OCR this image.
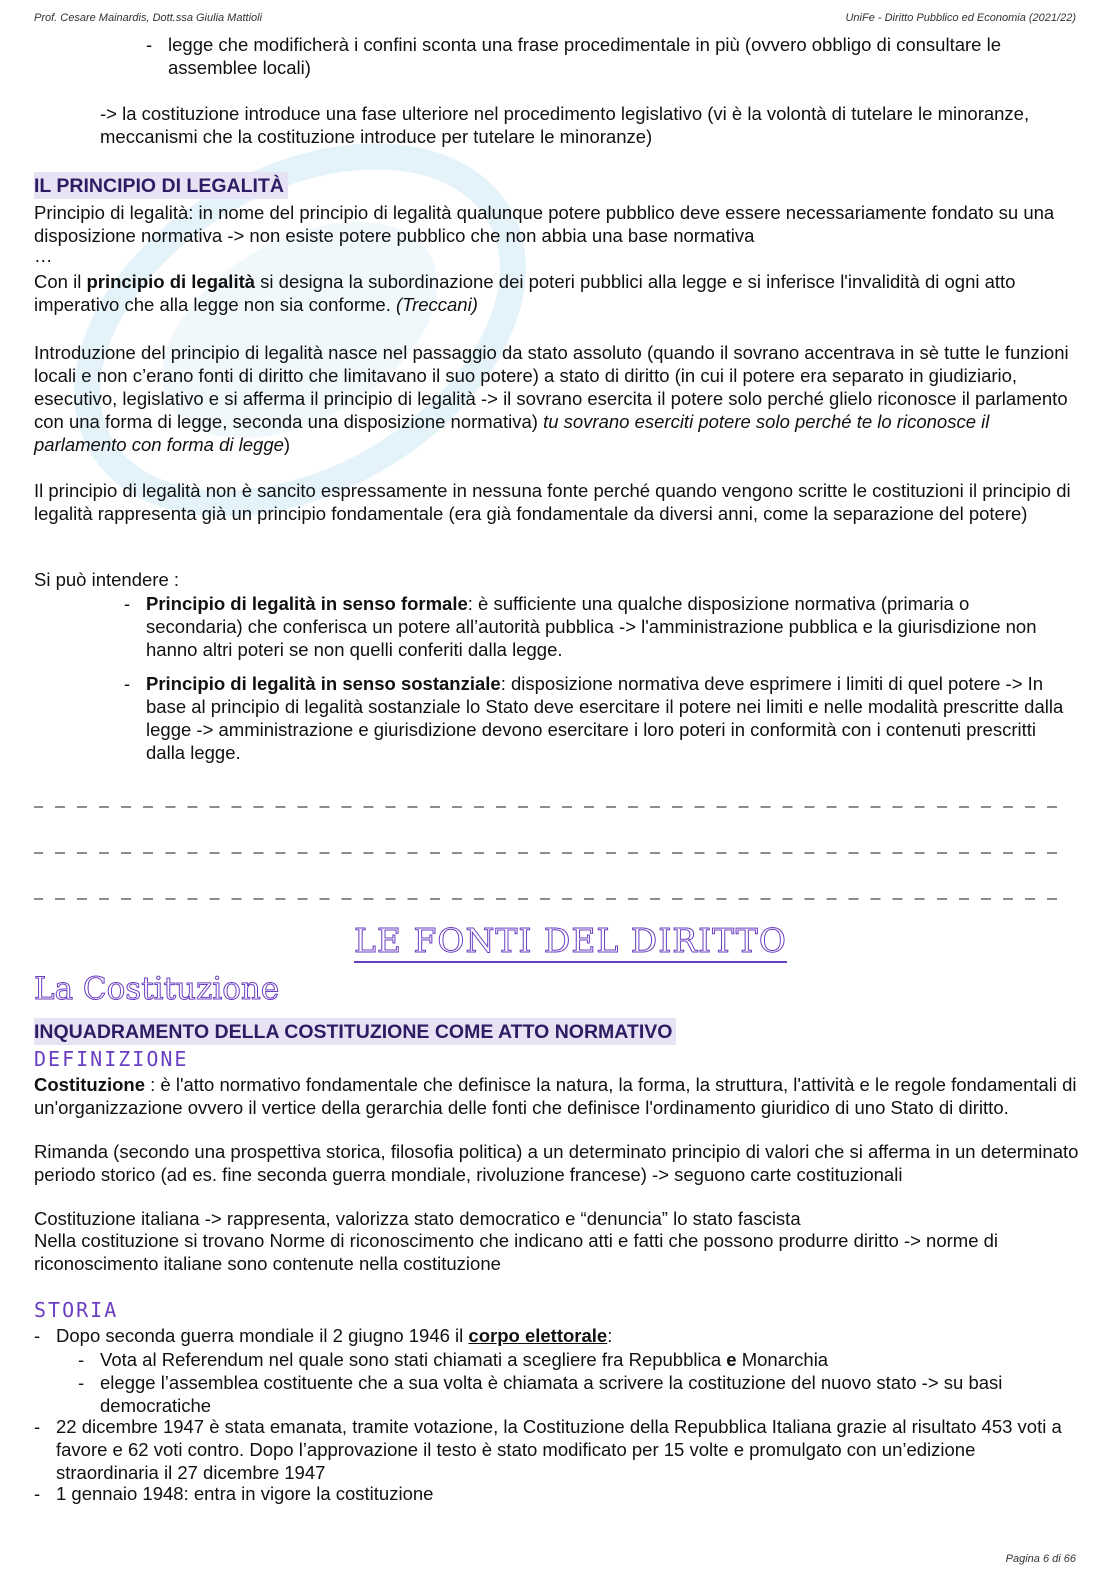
Prof. Cesare Mainardis, Dott.ssa Giulia Mattioli	UniFe - Diritto Pubblico ed Economia (2021/22)
- legge che modificherà i confini sconta una frase procedimentale in più (ovvero obbligo di consultare le assemblee locali)

-> la costituzione introduce una fase ulteriore nel procedimento legislativo (vi è la volontà di tutelare le minoranze, meccanismi che la costituzione introduce per tutelare le minoranze)

IL PRINCIPIO DI LEGALITÀ

Principio di legalità: in nome del principio di legalità qualunque potere pubblico deve essere necessariamente fondato su una disposizione normativa -> non esiste potere pubblico che non abbia una base normativa

…

Con il principio di legalità si designa la subordinazione dei poteri pubblici alla legge e si inferisce l'invalidità di ogni atto imperativo che alla legge non sia conforme. (Treccani)

Introduzione del principio di legalità nasce nel passaggio da stato assoluto (quando il sovrano accentrava in sè tutte le funzioni locali e non c’erano fonti di diritto che limitavano il suo potere) a stato di diritto (in cui il potere era separato in giudiziario, esecutivo, legislativo e si afferma il principio di legalità -> il sovrano esercita il potere solo perché glielo riconosce il parlamento con una forma di legge, seconda una disposizione normativa) tu sovrano eserciti potere solo perché te lo riconosce il parlamento con forma di legge)

Il principio di legalità non è sancito espressamente in nessuna fonte perché quando vengono scritte le costituzioni il principio di legalità rappresenta già un principio fondamentale (era già fondamentale da diversi anni, come la separazione del potere)

Si può intendere :

- Principio di legalità in senso formale: è sufficiente una qualche disposizione normativa (primaria o secondaria) che conferisca un potere all’autorità pubblica -> l'amministrazione pubblica e la giurisdizione non hanno altri poteri se non quelli conferiti dalla legge.
- Principio di legalità in senso sostanziale: disposizione normativa deve esprimere i limiti di quel potere -> In base al principio di legalità sostanziale lo Stato deve esercitare il potere nei limiti e nelle modalità prescritte dalla legge -> amministrazione e giurisdizione devono esercitare i loro poteri in conformità con i contenuti prescritti dalla legge.
LE FONTI DEL DIRITTO
La Costituzione
INQUADRAMENTO DELLA COSTITUZIONE COME ATTO NORMATIVO
DEFINIZIONE

Costituzione : è l'atto normativo fondamentale che definisce la natura, la forma, la struttura, l'attività e le regole fondamentali di un'organizzazione ovvero il vertice della gerarchia delle fonti che definisce l'ordinamento giuridico di uno Stato di diritto.

Rimanda (secondo una prospettiva storica, filosofia politica) a un determinato principio di valori che si afferma in un determinato periodo storico (ad es. fine seconda guerra mondiale, rivoluzione francese) -> seguono carte costituzionali

Costituzione italiana -> rappresenta, valorizza stato democratico e “denuncia” lo stato fascista

Nella costituzione si trovano Norme di riconoscimento che indicano atti e fatti che possono produrre diritto -> norme di riconoscimento italiane sono contenute nella costituzione

STORIA
- Dopo seconda guerra mondiale il 2 giugno 1946 il corpo elettorale:
- Vota al Referendum nel quale sono stati chiamati a scegliere fra Repubblica e Monarchia
- elegge l’assemblea costituente che a sua volta è chiamata a scrivere la costituzione del nuovo stato -> su basi democratiche
- 22 dicembre 1947 è stata emanata, tramite votazione, la Costituzione della Repubblica Italiana grazie al risultato 453 voti a favore e 62 voti contro. Dopo l’approvazione il testo è stato modificato per 15 volte e promulgato con un’edizione straordinaria il 27 dicembre 1947
- 1 gennaio 1948: entra in vigore la costituzione
Pagina 6 di 66
